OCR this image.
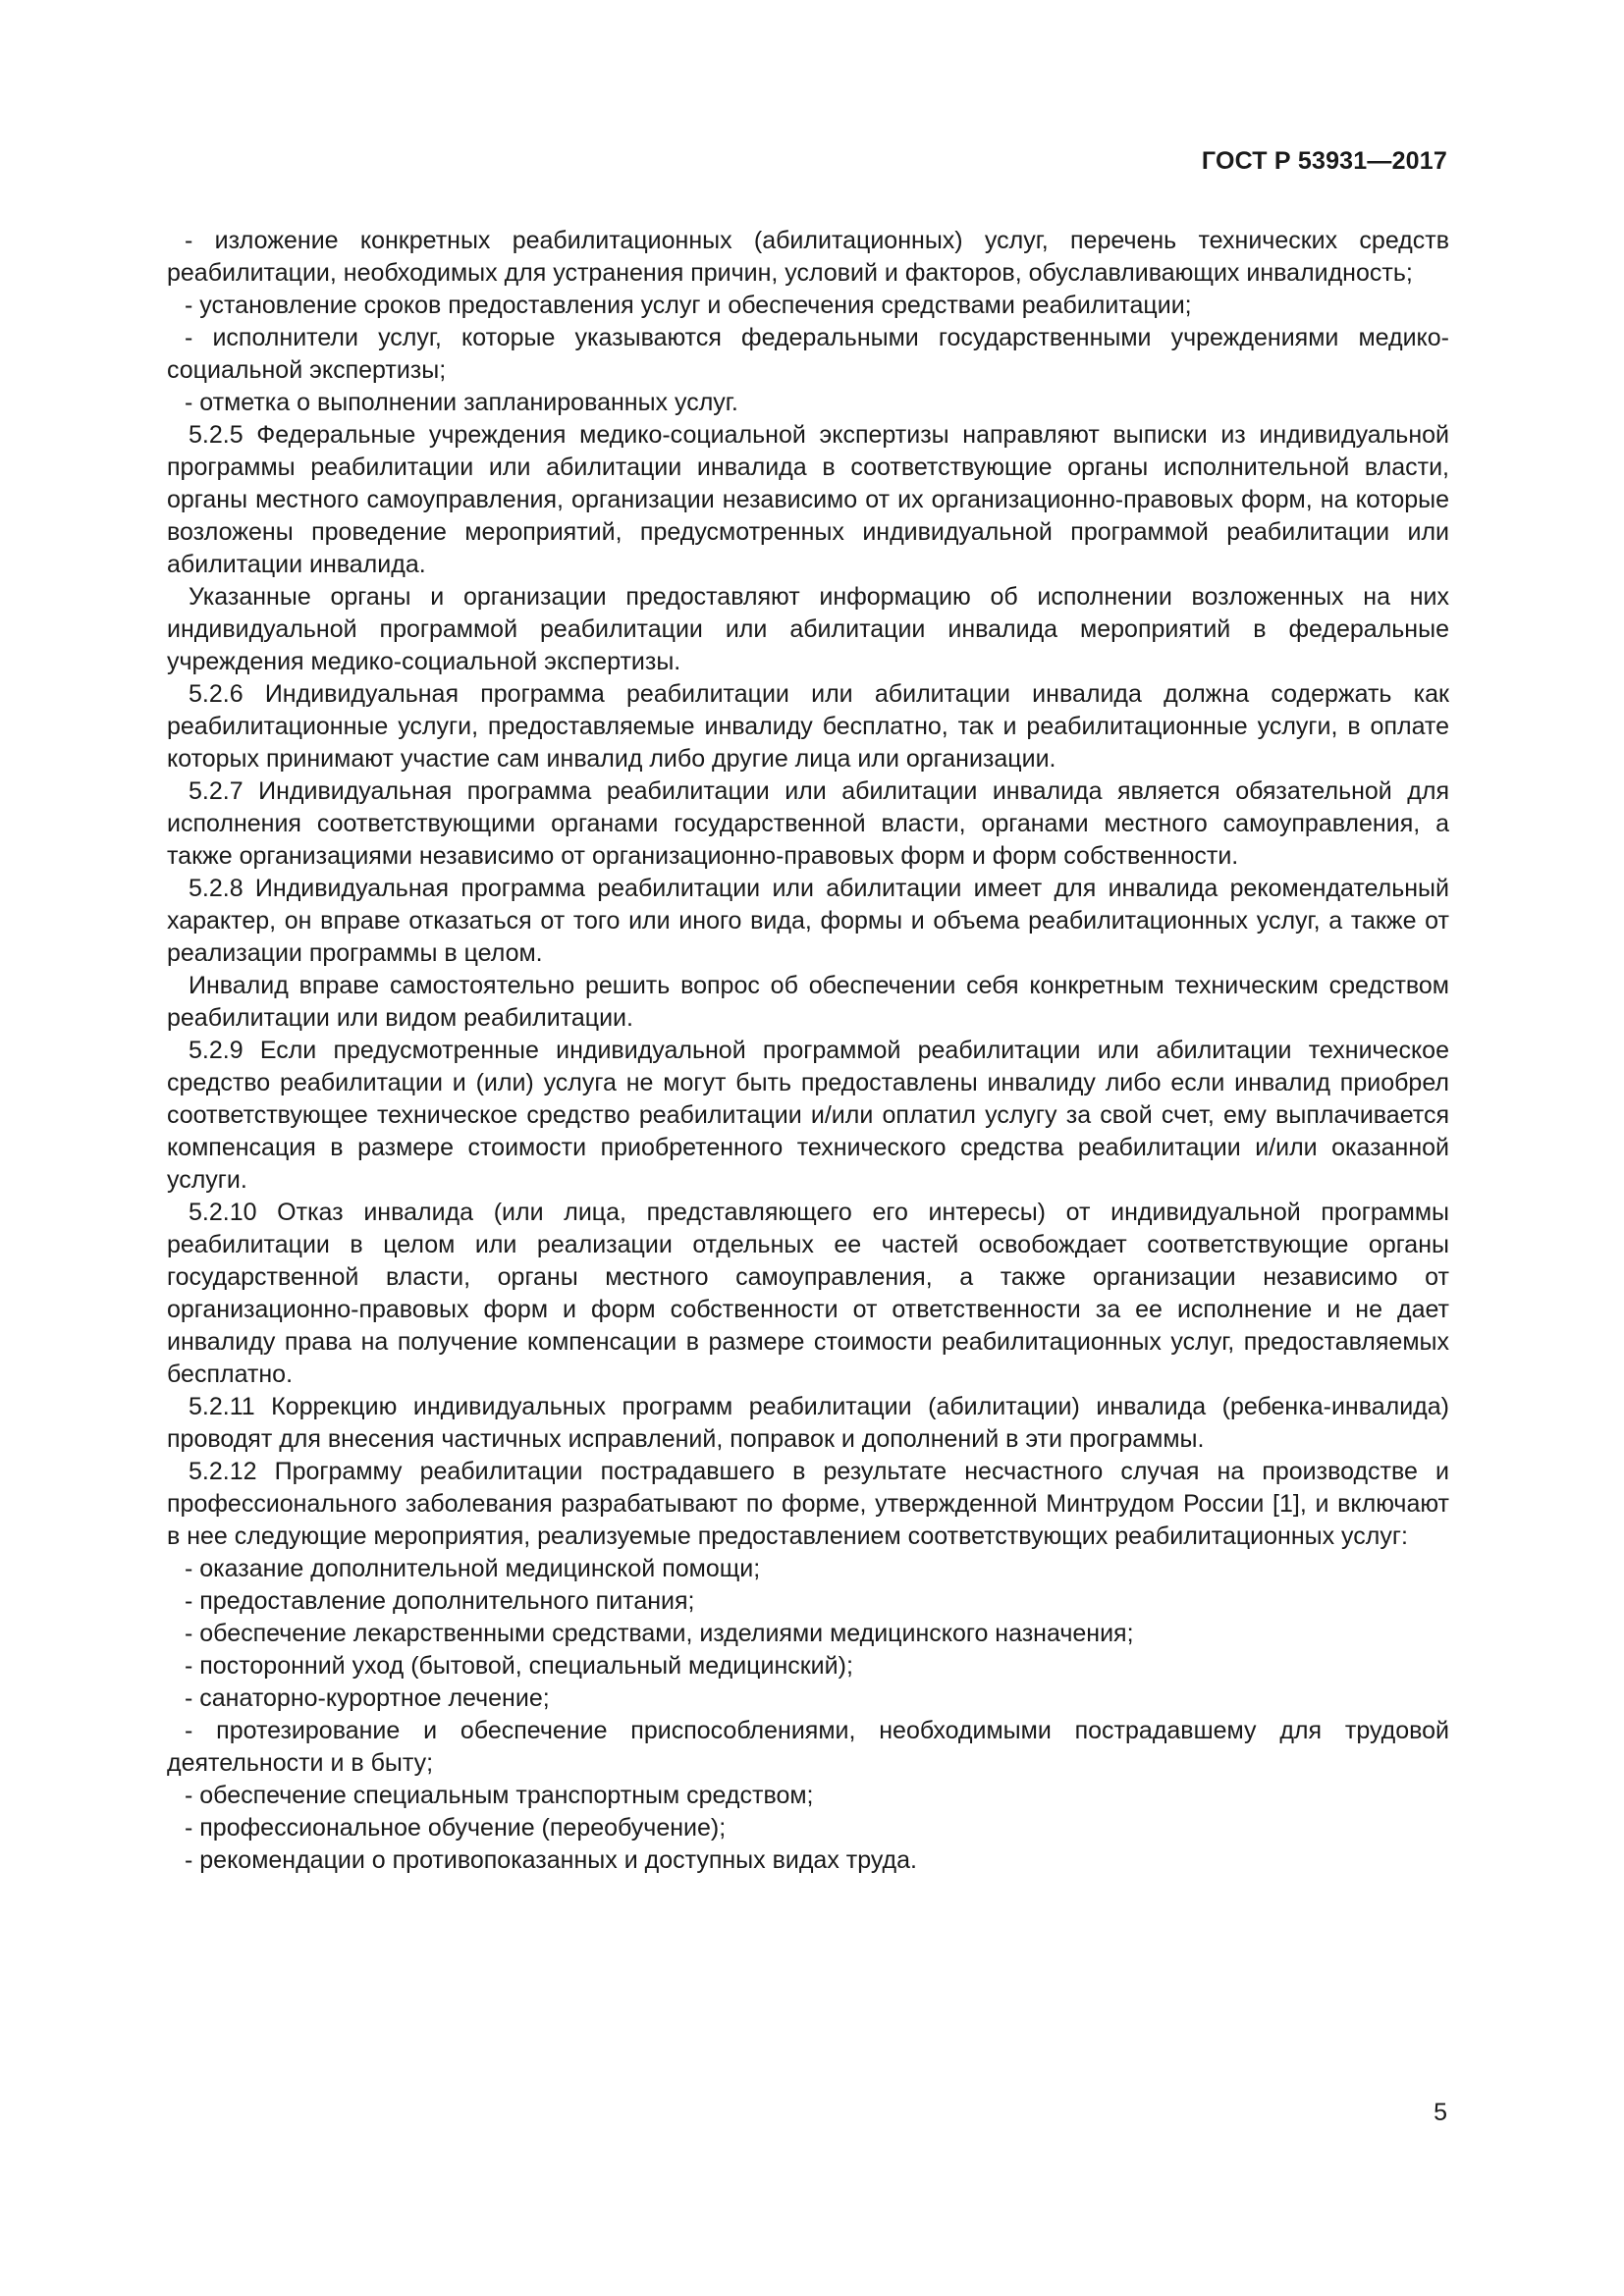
ГОСТ Р 53931—2017

- изложение конкретных реабилитационных (абилитационных) услуг, перечень технических средств реабилитации, необходимых для устранения причин, условий и факторов, обуславливающих инвалидность;

- установление сроков предоставления услуг и обеспечения средствами реабилитации;

- исполнители услуг, которые указываются федеральными государственными учреждениями медико-социальной экспертизы;

- отметка о выполнении запланированных услуг.

5.2.5 Федеральные учреждения медико-социальной экспертизы направляют выписки из индивидуальной программы реабилитации или абилитации инвалида в соответствующие органы исполнительной власти, органы местного самоуправления, организации независимо от их организационно-правовых форм, на которые возложены проведение мероприятий, предусмотренных индивидуальной программой реабилитации или абилитации инвалида.

Указанные органы и организации предоставляют информацию об исполнении возложенных на них индивидуальной программой реабилитации или абилитации инвалида мероприятий в федеральные учреждения медико-социальной экспертизы.

5.2.6 Индивидуальная программа реабилитации или абилитации инвалида должна содержать как реабилитационные услуги, предоставляемые инвалиду бесплатно, так и реабилитационные услуги, в оплате которых принимают участие сам инвалид либо другие лица или организации.

5.2.7 Индивидуальная программа реабилитации или абилитации инвалида является обязательной для исполнения соответствующими органами государственной власти, органами местного самоуправления, а также организациями независимо от организационно-правовых форм и форм собственности.

5.2.8 Индивидуальная программа реабилитации или абилитации имеет для инвалида рекомендательный характер, он вправе отказаться от того или иного вида, формы и объема реабилитационных услуг, а также от реализации программы в целом.

Инвалид вправе самостоятельно решить вопрос об обеспечении себя конкретным техническим средством реабилитации или видом реабилитации.

5.2.9 Если предусмотренные индивидуальной программой реабилитации или абилитации техническое средство реабилитации и (или) услуга не могут быть предоставлены инвалиду либо если инвалид приобрел соответствующее техническое средство реабилитации и/или оплатил услугу за свой счет, ему выплачивается компенсация в размере стоимости приобретенного технического средства реабилитации и/или оказанной услуги.

5.2.10 Отказ инвалида (или лица, представляющего его интересы) от индивидуальной программы реабилитации в целом или реализации отдельных ее частей освобождает соответствующие органы государственной власти, органы местного самоуправления, а также организации независимо от организационно-правовых форм и форм собственности от ответственности за ее исполнение и не дает инвалиду права на получение компенсации в размере стоимости реабилитационных услуг, предоставляемых бесплатно.

5.2.11 Коррекцию индивидуальных программ реабилитации (абилитации) инвалида (ребенка-инвалида) проводят для внесения частичных исправлений, поправок и дополнений в эти программы.

5.2.12 Программу реабилитации пострадавшего в результате несчастного случая на производстве и профессионального заболевания разрабатывают по форме, утвержденной Минтрудом России [1], и включают в нее следующие мероприятия, реализуемые предоставлением соответствующих реабилитационных услуг:

- оказание дополнительной медицинской помощи;

- предоставление дополнительного питания;

- обеспечение лекарственными средствами, изделиями медицинского назначения;

- посторонний уход (бытовой, специальный медицинский);

- санаторно-курортное лечение;

- протезирование и обеспечение приспособлениями, необходимыми пострадавшему для трудовой деятельности и в быту;

- обеспечение специальным транспортным средством;

- профессиональное обучение (переобучение);

- рекомендации о противопоказанных и доступных видах труда.

5
